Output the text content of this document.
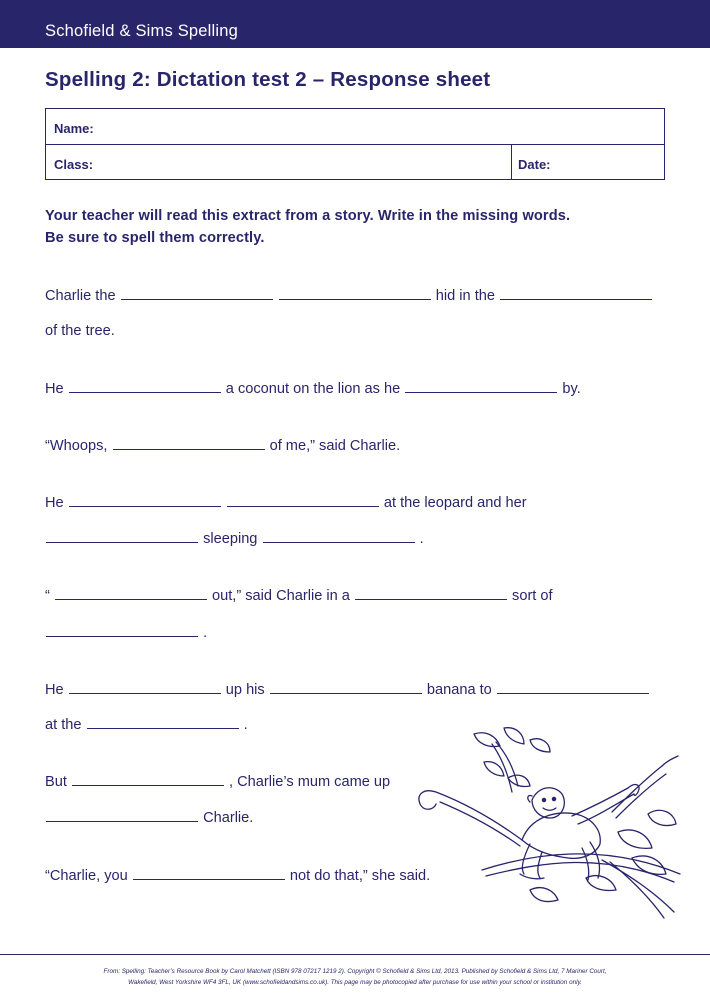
Schofield & Sims Spelling
Spelling 2: Dictation test 2 – Response sheet
Name:
Class:	Date:
Your teacher will read this extract from a story. Write in the missing words.
Be sure to spell them correctly.
Charlie the	hid in the
of the tree.
He	a coconut on the lion as he	by.
“Whoops,	of me,” said Charlie.
He	at the leopard and her
sleeping	.
“	out,” said Charlie in a	sort of
.
He	up his	banana to
at the	.
But	, Charlie’s mum came up
Charlie.
“Charlie, you	not do that,” she said.
From: Spelling: Teacher’s Resource Book by Carol Matchett (ISBN 978 07217 1219 2). Copyright © Schofield & Sims Ltd, 2013. Published by Schofield & Sims Ltd, 7 Mariner Court,
Wakefield, West Yorkshire WF4 3FL, UK (www.schofieldandsims.co.uk). This page may be photocopied after purchase for use within your school or institution only.
